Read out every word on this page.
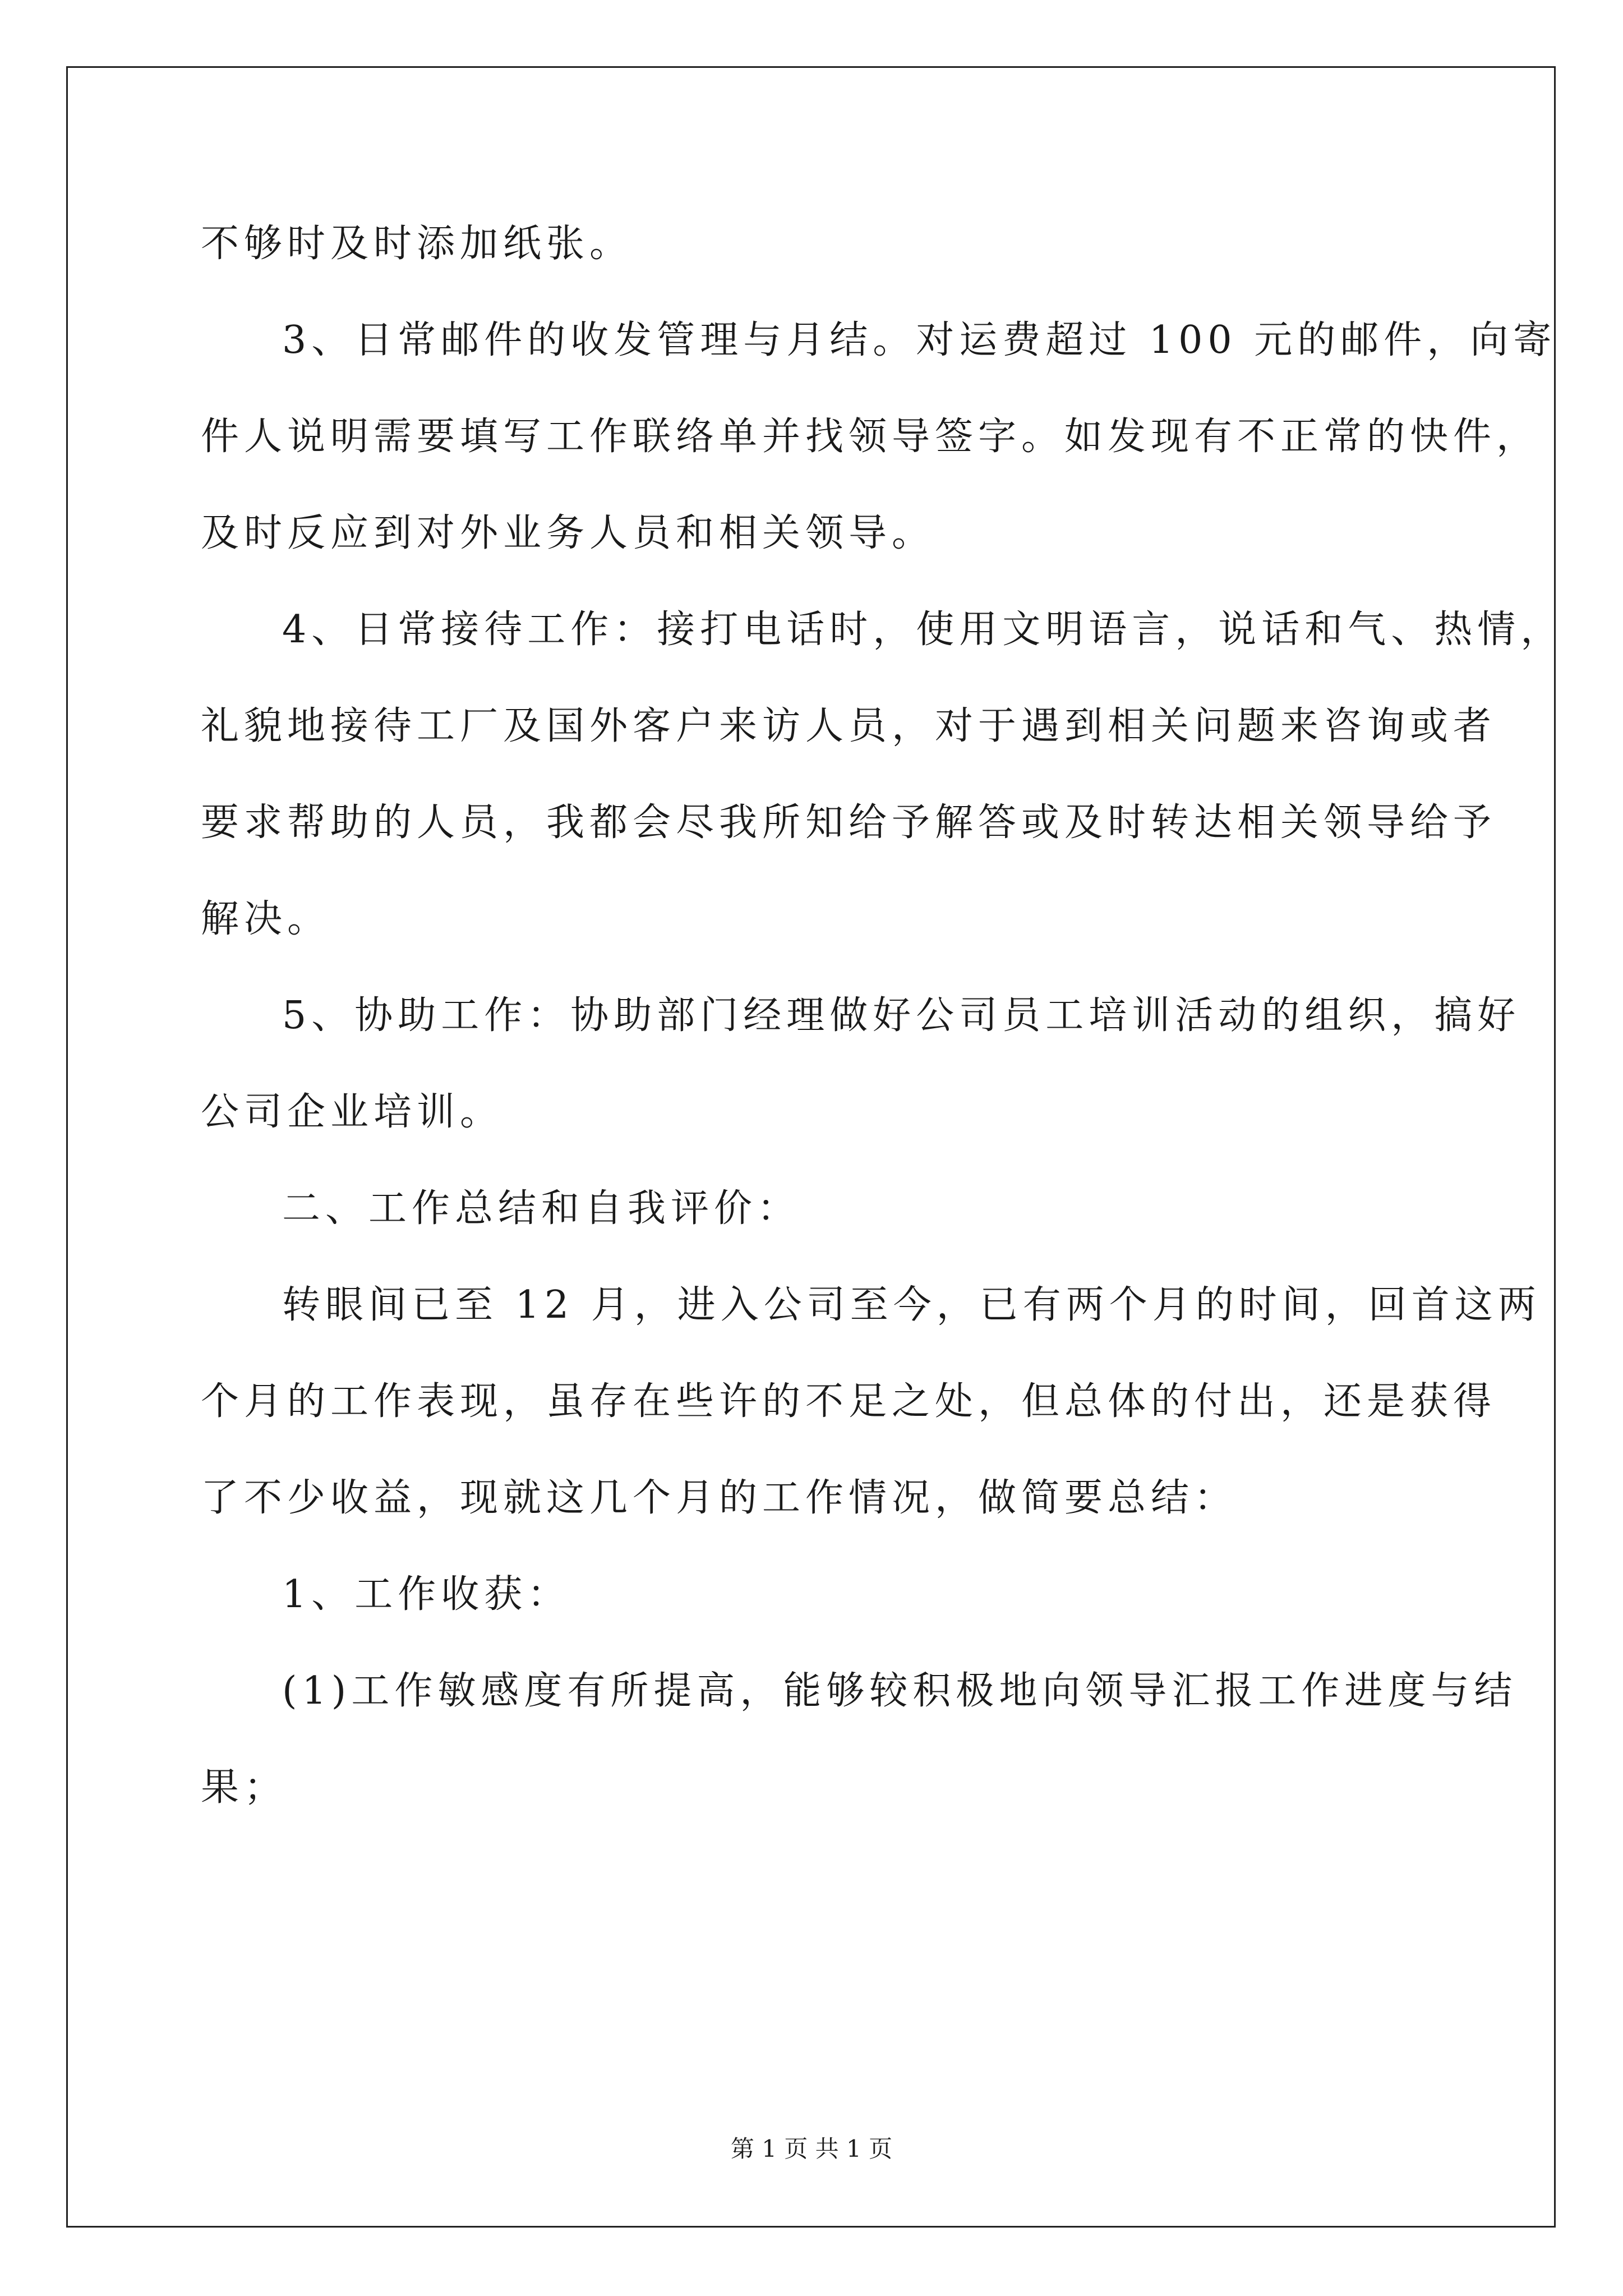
不够时及时添加纸张。
3、日常邮件的收发管理与月结。对运费超过 100 元的邮件，向寄
件人说明需要填写工作联络单并找领导签字。如发现有不正常的快件，
及时反应到对外业务人员和相关领导。
4、日常接待工作：接打电话时，使用文明语言，说话和气、热情，
礼貌地接待工厂及国外客户来访人员，对于遇到相关问题来咨询或者
要求帮助的人员，我都会尽我所知给予解答或及时转达相关领导给予
解决。
5、协助工作：协助部门经理做好公司员工培训活动的组织，搞好
公司企业培训。
二、工作总结和自我评价：
转眼间已至 12 月，进入公司至今，已有两个月的时间，回首这两
个月的工作表现，虽存在些许的不足之处，但总体的付出，还是获得
了不少收益，现就这几个月的工作情况，做简要总结：
1、工作收获：
(1)工作敏感度有所提高，能够较积极地向领导汇报工作进度与结
果；
第 1 页 共 1 页
